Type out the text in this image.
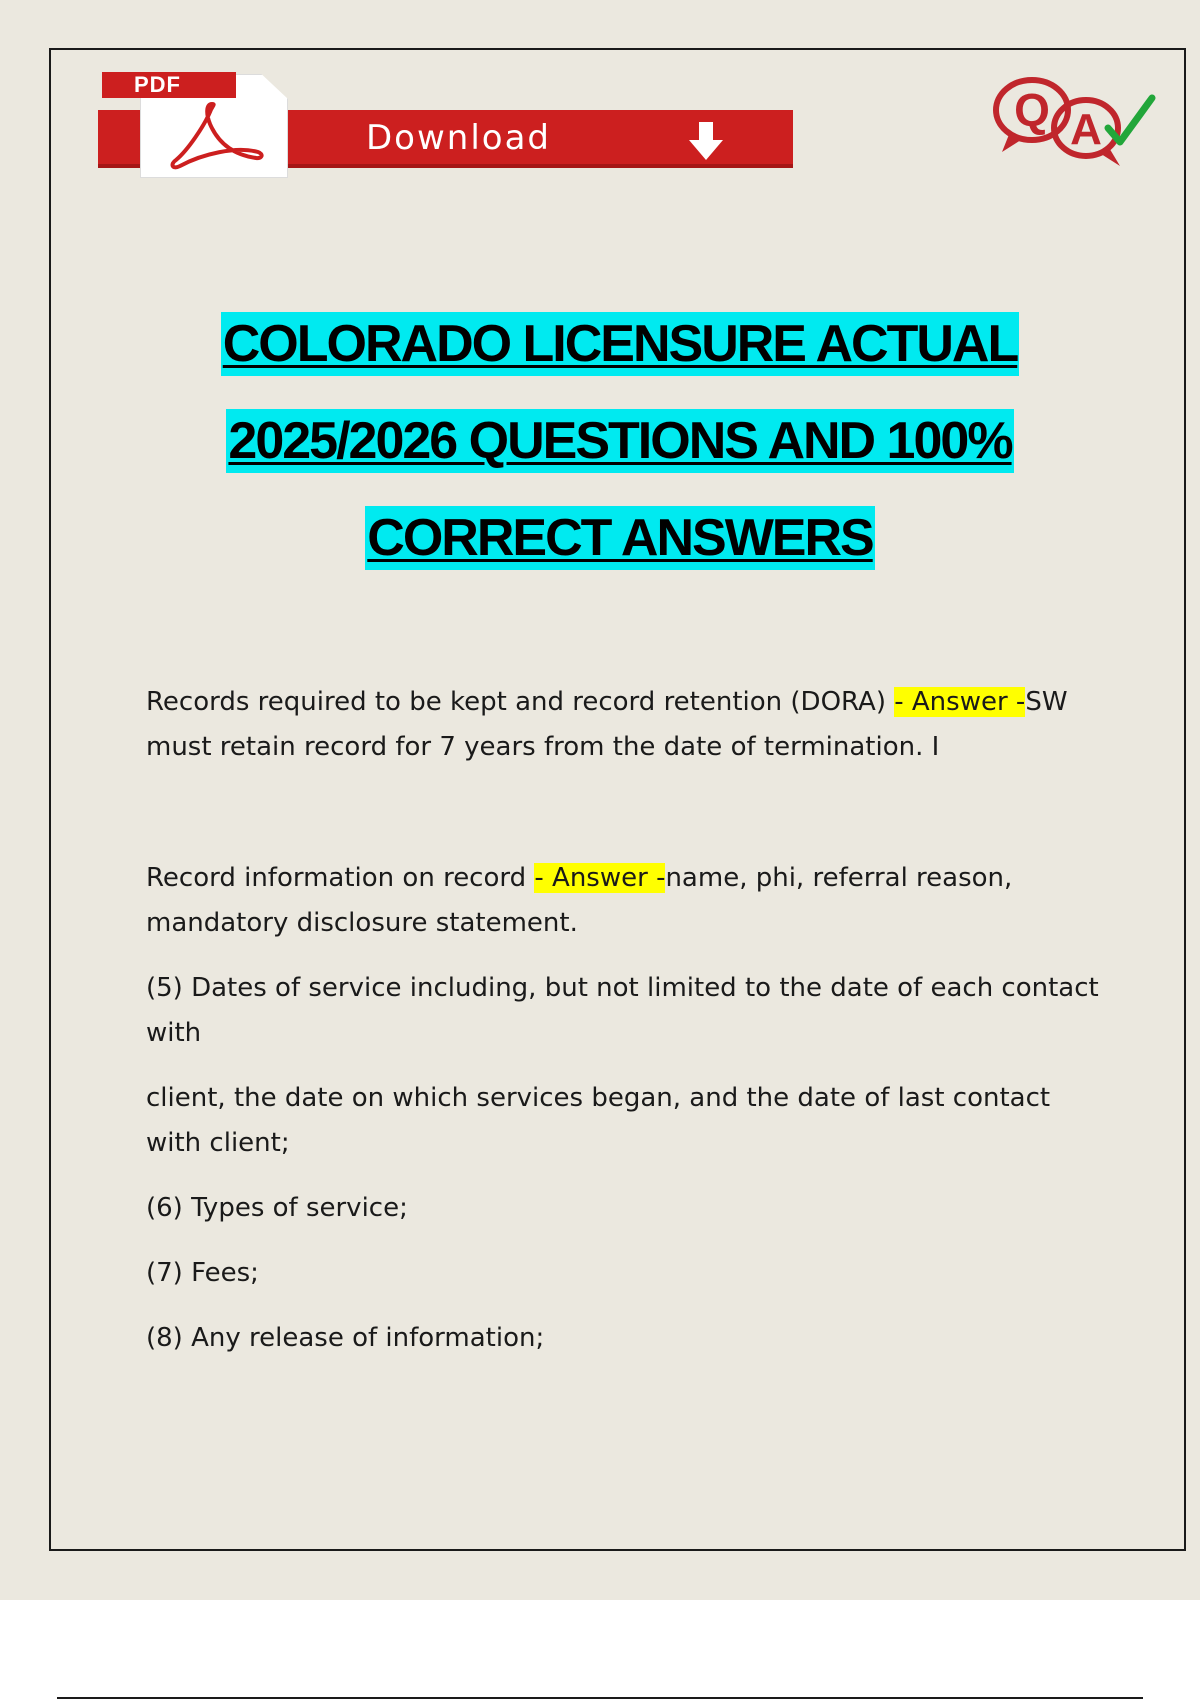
PDF
Download
Q A
COLORADO LICENSURE ACTUAL
2025/2026 QUESTIONS AND 100%
CORRECT ANSWERS

Records required to be kept and record retention (DORA) - Answer -SW must retain record for 7 years from the date of termination. I

Record information on record - Answer -name, phi, referral reason, mandatory disclosure statement.

(5) Dates of service including, but not limited to the date of each contact with

client, the date on which services began, and the date of last contact with client;

(6) Types of service;

(7) Fees;

(8) Any release of information;
